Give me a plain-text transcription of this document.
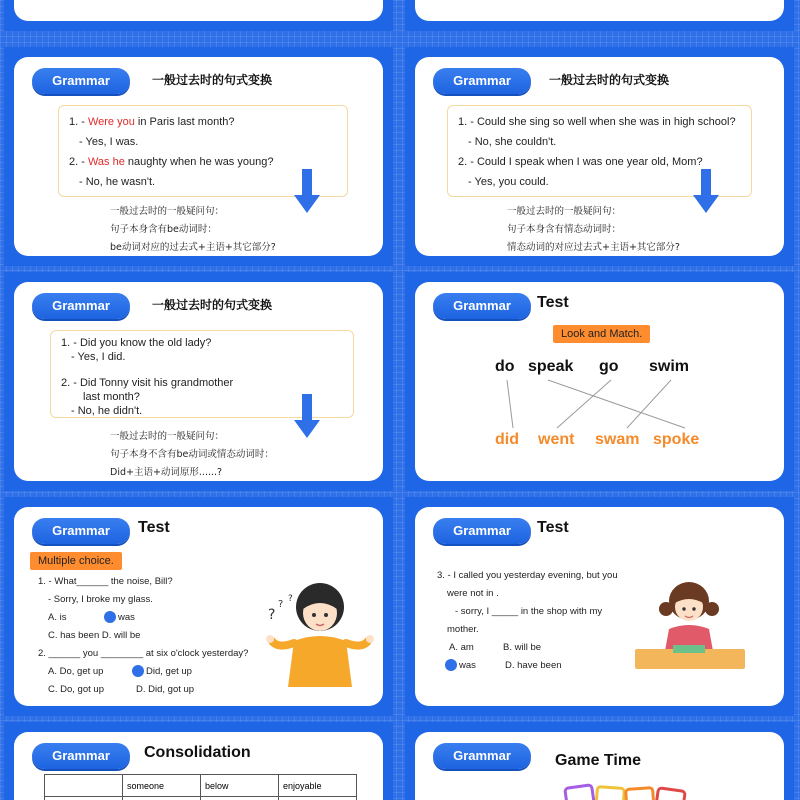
Grammar	一般过去时的句式变换
1. - Were you in Paris last month?
- Yes, I was.
2. - Was he naughty when he was young?
- No, he wasn't.
一般过去时的一般疑问句：
句子本身含有be动词时：
be动词对应的过去式+主语+其它部分?
Grammar	一般过去时的句式变换
1. - Could she sing so well when she was in high school?
- No, she couldn't.
2. - Could I speak when I was one year old, Mom?
- Yes, you could.
一般过去时的一般疑问句：
句子本身含有情态动词时：
情态动词的对应过去式+主语+其它部分?
Grammar	一般过去时的句式变换
1. - Did you know the old lady?
- Yes, I did.
2. - Did Tonny visit his grandmother
last month?
- No, he didn't.
一般过去时的一般疑问句：
句子本身不含有be动词或情态动词时：
Did+主语+动词原形......?
Grammar	Test
Look and Match.
do speak go swim
did went swam spoke
Grammar	Test
Multiple choice.
1. - What______ the noise, Bill?
- Sorry, I broke my glass.
A. is	was
C. has been D. will be
2. ______ you ________ at six o'clock yesterday?
A. Do, get up	Did, get up
C. Do, got up	D. Did, got up
?
? ?
Grammar	Test
3. - I called you yesterday evening, but you
were not in .
- sorry, I _____ in the shop with my
mother.
A. am	B. will be
was	D. have been
Grammar	Consolidation
	someone	below	enjoyable

Grammar	Game Time
